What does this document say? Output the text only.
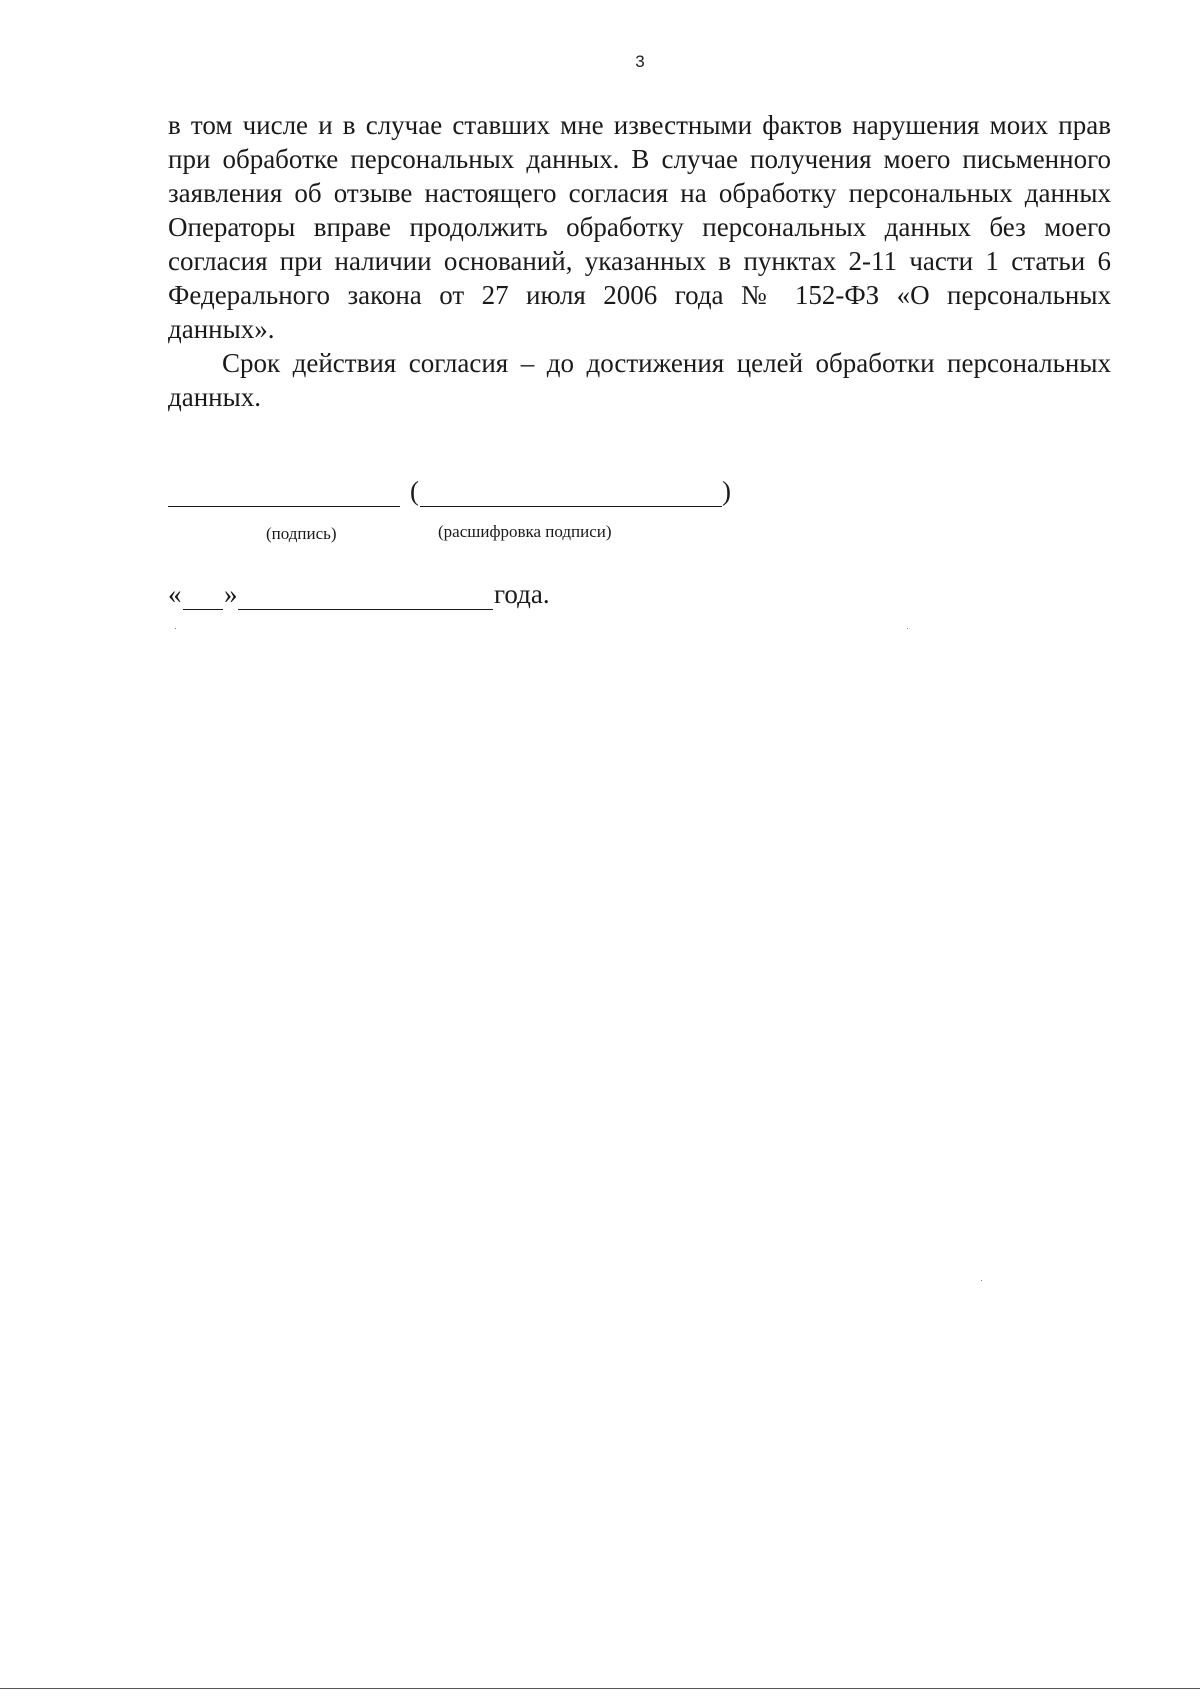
3
в том числе и в случае ставших мне известными фактов нарушения моих прав
при обработке персональных данных. В случае получения моего письменного
заявления об отзыве настоящего согласия на обработку персональных данных
Операторы вправе продолжить обработку персональных данных без моего
согласия при наличии оснований, указанных в пунктах 2-11 части 1 статьи 6
Федерального закона от 27 июля 2006 года № 152-ФЗ «О персональных
данных».
Срок действия согласия – до достижения целей обработки персональных
данных.
(	)
(подпись)	(расшифровка подписи)
« »	года.
